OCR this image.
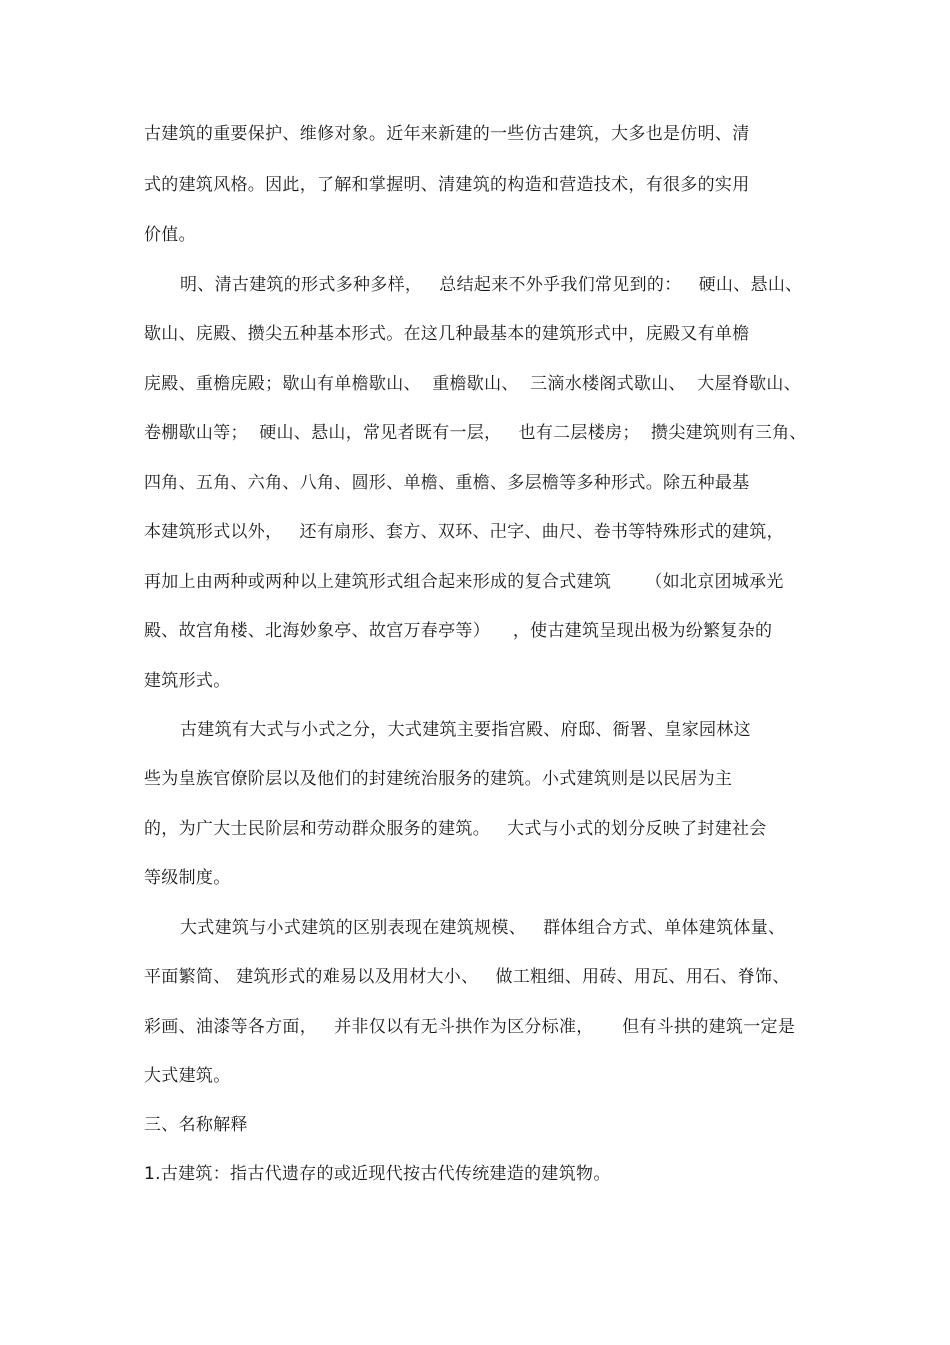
古建筑的重要保护、维修对象。近年来新建的一些仿古建筑，大多也是仿明、清
式的建筑风格。因此，了解和掌握明、清建筑的构造和营造技术，有很多的实用
价值。
明、清古建筑的形式多种多样，   总结起来不外乎我们常见到的：   硬山、悬山、
歇山、庑殿、攒尖五种基本形式。在这几种最基本的建筑形式中，庑殿又有单檐
庑殿、重檐庑殿；歇山有单檐歇山、  重檐歇山、  三滴水楼阁式歇山、  大屋脊歇山、
卷棚歇山等；  硬山、悬山，常见者既有一层，   也有二层楼房；  攒尖建筑则有三角、
四角、五角、六角、八角、圆形、单檐、重檐、多层檐等多种形式。除五种最基
本建筑形式以外，   还有扇形、套方、双环、卍字、曲尺、卷书等特殊形式的建筑，
再加上由两种或两种以上建筑形式组合起来形成的复合式建筑      （如北京团城承光
殿、故宫角楼、北海妙象亭、故宫万春亭等）    ，使古建筑呈现出极为纷繁复杂的
建筑形式。
古建筑有大式与小式之分，大式建筑主要指宫殿、府邸、衙署、皇家园林这
些为皇族官僚阶层以及他们的封建统治服务的建筑。小式建筑则是以民居为主
的，为广大士民阶层和劳动群众服务的建筑。   大式与小式的划分反映了封建社会
等级制度。
大式建筑与小式建筑的区别表现在建筑规模、   群体组合方式、单体建筑体量、
平面繁简、 建筑形式的难易以及用材大小、   做工粗细、用砖、用瓦、用石、脊饰、
彩画、油漆等各方面，   并非仅以有无斗拱作为区分标准，     但有斗拱的建筑一定是
大式建筑。
三、名称解释
1.古建筑：指古代遗存的或近现代按古代传统建造的建筑物。
